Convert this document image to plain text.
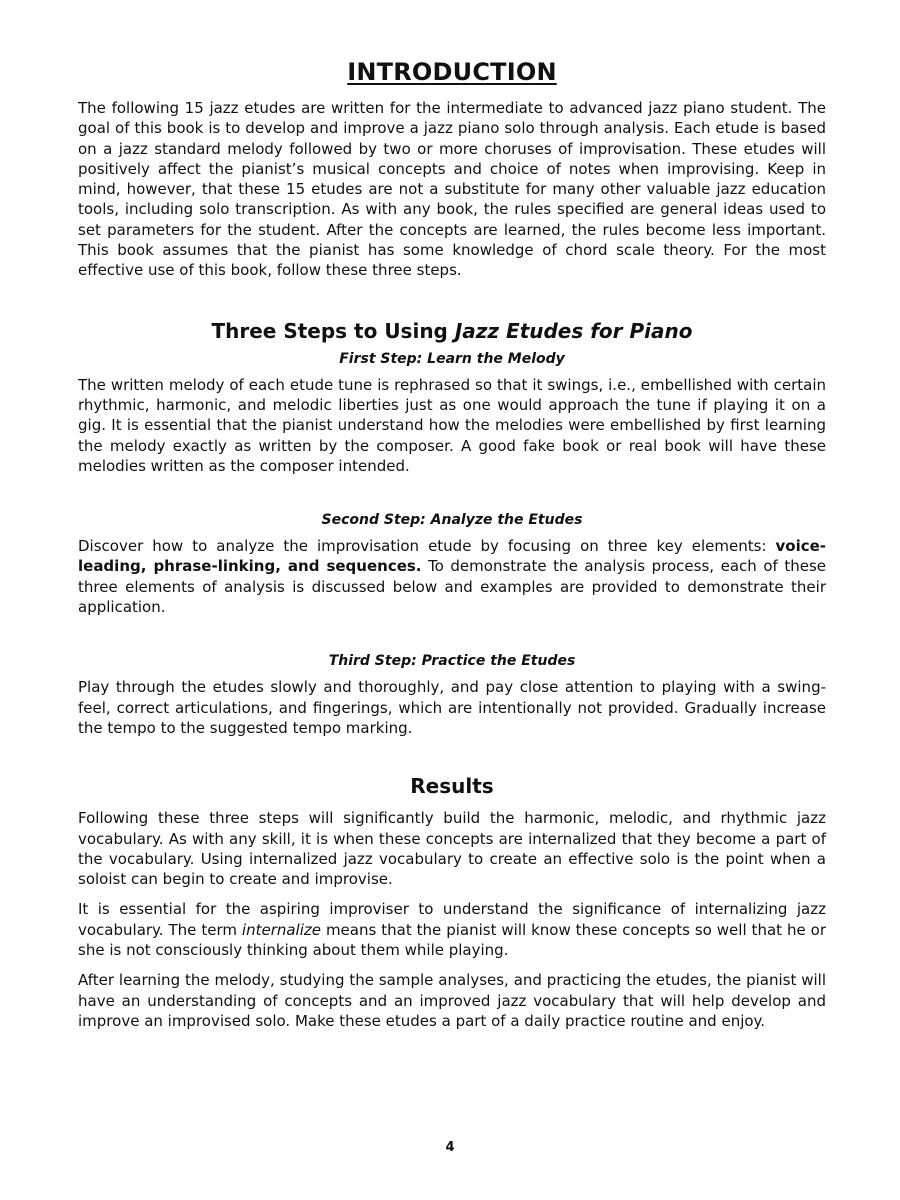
INTRODUCTION

The following 15 jazz etudes are written for the intermediate to advanced jazz piano student. The goal of this book is to develop and improve a jazz piano solo through analysis. Each etude is based on a jazz standard melody followed by two or more choruses of improvisation. These etudes will positively affect the pianist’s musical concepts and choice of notes when improvising. Keep in mind, however, that these 15 etudes are not a substitute for many other valuable jazz education tools, including solo transcription. As with any book, the rules specified are general ideas used to set parameters for the student. After the concepts are learned, the rules become less important. This book assumes that the pianist has some knowledge of chord scale theory. For the most effective use of this book, follow these three steps.

Three Steps to Using Jazz Etudes for Piano
First Step: Learn the Melody

The written melody of each etude tune is rephrased so that it swings, i.e., embellished with certain rhythmic, harmonic, and melodic liberties just as one would approach the tune if playing it on a gig. It is essential that the pianist understand how the melodies were embellished by first learning the melody exactly as written by the composer. A good fake book or real book will have these melodies written as the composer intended.

Second Step: Analyze the Etudes

Discover how to analyze the improvisation etude by focusing on three key elements: voice-leading, phrase-linking, and sequences. To demonstrate the analysis process, each of these three elements of analysis is discussed below and examples are provided to demonstrate their application.

Third Step: Practice the Etudes

Play through the etudes slowly and thoroughly, and pay close attention to playing with a swing-feel, correct articulations, and fingerings, which are intentionally not provided. Gradually increase the tempo to the suggested tempo marking.

Results

Following these three steps will significantly build the harmonic, melodic, and rhythmic jazz vocabulary. As with any skill, it is when these concepts are internalized that they become a part of the vocabulary. Using internalized jazz vocabulary to create an effective solo is the point when a soloist can begin to create and improvise.

It is essential for the aspiring improviser to understand the significance of internalizing jazz vocabulary. The term internalize means that the pianist will know these concepts so well that he or she is not consciously thinking about them while playing.

After learning the melody, studying the sample analyses, and practicing the etudes, the pianist will have an understanding of concepts and an improved jazz vocabulary that will help develop and improve an improvised solo. Make these etudes a part of a daily practice routine and enjoy.

4
